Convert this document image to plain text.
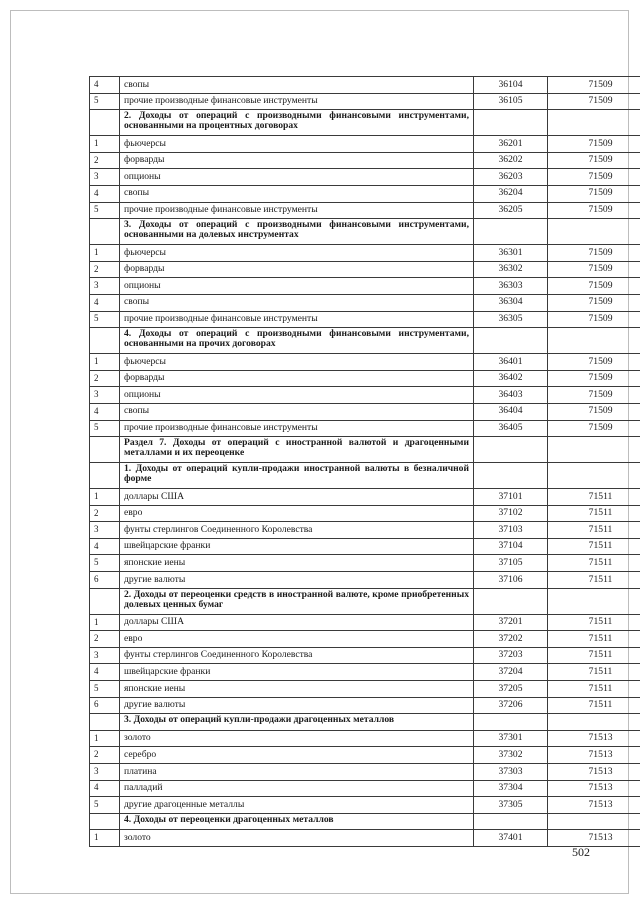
4	свопы	36104	71509
5	прочие производные финансовые инструменты	36105	71509
	2. Доходы от операций с производными финансовыми инструментами, основанными на процентных договорах		
1	фьючерсы	36201	71509
2	форварды	36202	71509
3	опционы	36203	71509
4	свопы	36204	71509
5	прочие производные финансовые инструменты	36205	71509
	3. Доходы от операций с производными финансовыми инструментами, основанными на долевых инструментах		
1	фьючерсы	36301	71509
2	форварды	36302	71509
3	опционы	36303	71509
4	свопы	36304	71509
5	прочие производные финансовые инструменты	36305	71509
	4. Доходы от операций с производными финансовыми инструментами, основанными на прочих договорах		
1	фьючерсы	36401	71509
2	форварды	36402	71509
3	опционы	36403	71509
4	свопы	36404	71509
5	прочие производные финансовые инструменты	36405	71509
	Раздел 7. Доходы от операций с иностранной валютой и драгоценными металлами и их переоценке		
	1. Доходы от операций купли-продажи иностранной валюты в безналичной форме		
1	доллары США	37101	71511
2	евро	37102	71511
3	фунты стерлингов Соединенного Королевства	37103	71511
4	швейцарские франки	37104	71511
5	японские иены	37105	71511
6	другие валюты	37106	71511
	2. Доходы от переоценки средств в иностранной валюте, кроме приобретенных долевых ценных бумаг		
1	доллары США	37201	71511
2	евро	37202	71511
3	фунты стерлингов Соединенного Королевства	37203	71511
4	швейцарские франки	37204	71511
5	японские иены	37205	71511
6	другие валюты	37206	71511
	3. Доходы от операций купли-продажи драгоценных металлов		
1	золото	37301	71513
2	серебро	37302	71513
3	платина	37303	71513
4	палладий	37304	71513
5	другие драгоценные металлы	37305	71513
	4. Доходы от переоценки драгоценных металлов		
1	золото	37401	71513
502
